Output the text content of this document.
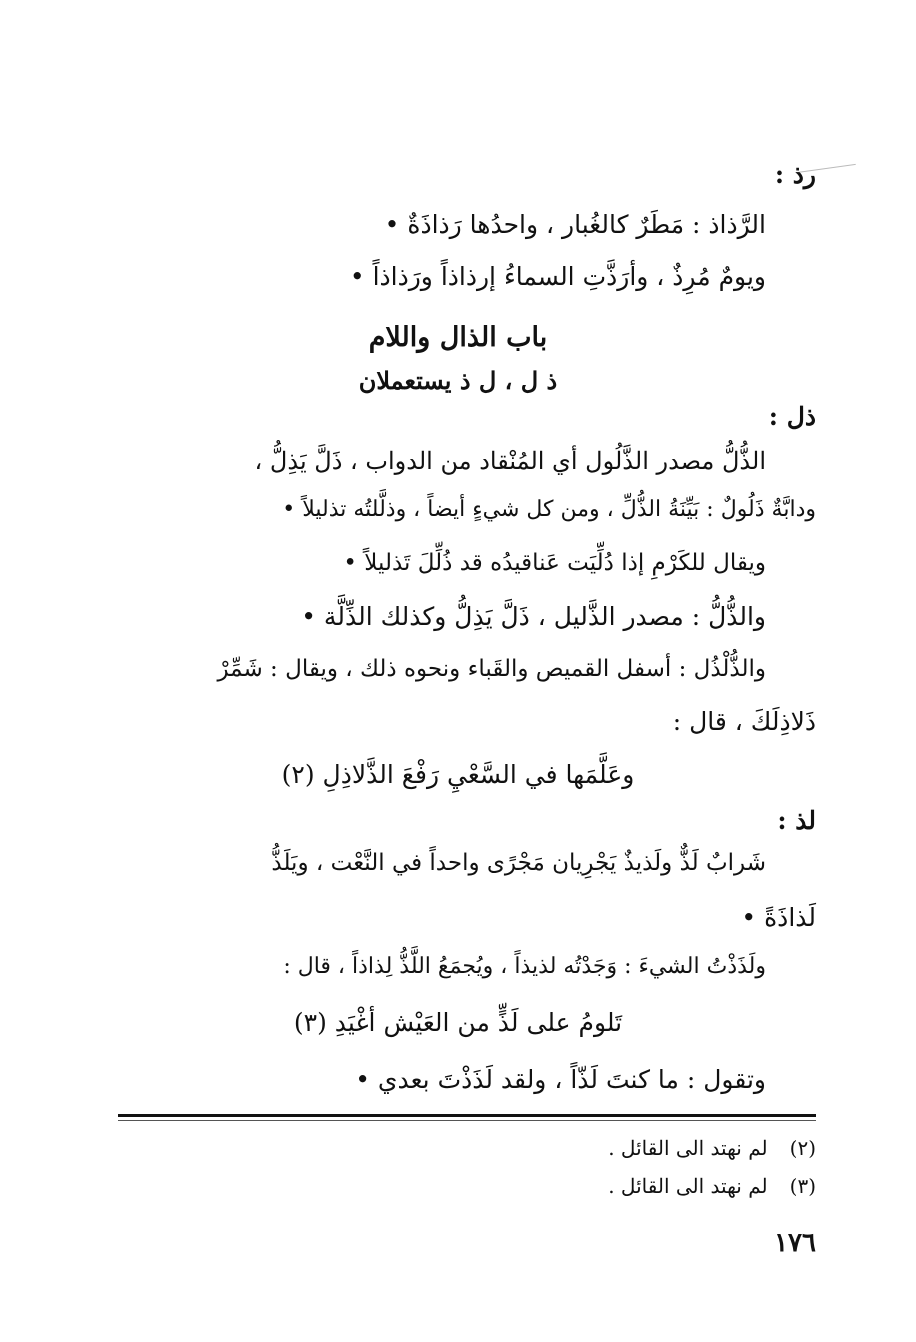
رذ :
الرَّذاذ : مَطَرٌ كالغُبار ، واحدُها رَذاذَةٌ •
ويومٌ مُرِذٌ ، وأرَذَّتِ السماءُ إرذاذاً ورَذاذاً •
باب الذال واللام
ذ ل ، ل ذ يستعملان
ذل :
الذُّلُّ مصدر الذَّلُول أي المُنْقاد من الدواب ، ذَلَّ يَذِلُّ ،
ودابَّةٌ ذَلُولٌ : بَيِّنَةُ الذُّلِّ ، ومن كل شيءٍ أيضاً ، وذلَّلتُه تذليلاً •
ويقال للكَرْمِ إذا دُلِّيَت عَناقيدُه قد ذُلِّلَ تَذليلاً •
والذُّلُّ : مصدر الذَّليل ، ذَلَّ يَذِلُّ وكذلك الذِّلَّة •
والذُّلْذُل : أسفل القميص والقَباء ونحوه ذلك ، ويقال : شَمِّرْ
ذَلاذِلَكَ ، قال :
وعَلَّمَها في السَّعْيِ رَفْعَ الذَّلاذِلِ (٢)
لذ :
شَرابٌ لَذٌّ ولَذيذٌ يَجْرِيان مَجْرًى واحداً في النَّعْت ، ويَلَذُّ
لَذاذَةً •
ولَذَذْتُ الشيءَ : وَجَدْتُه لذيذاً ، ويُجمَعُ اللَّذُّ لِذاذاً ، قال :
تَلومُ على لَذٍّ من العَيْش أغْيَدِ (٣)
وتقول : ما كنتَ لَذّاً ، ولقد لَذَذْتَ بعدي •
(٢)لم نهتد الى القائل .
(٣)لم نهتد الى القائل .
١٧٦
